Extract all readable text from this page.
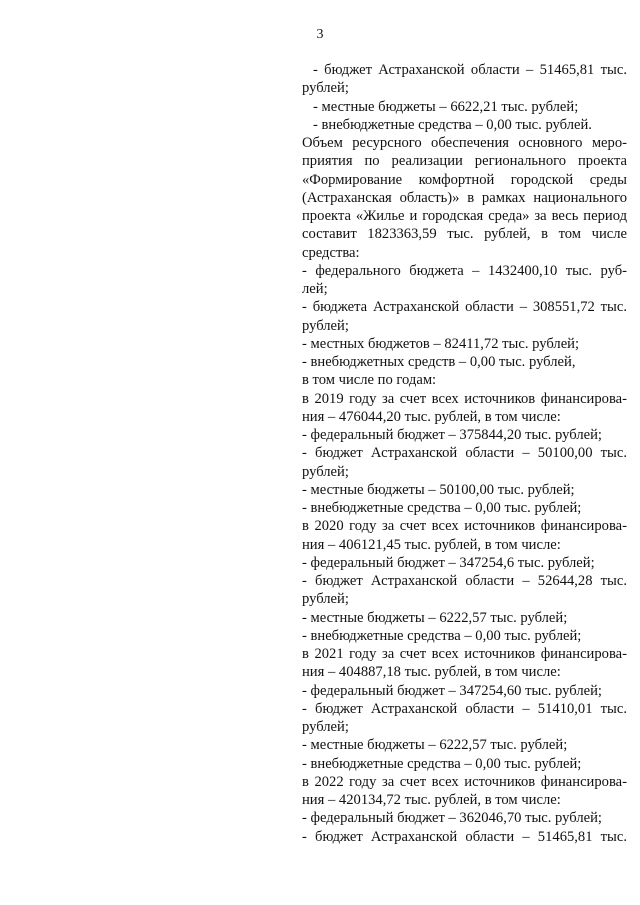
3
- бюджет Астраханской области – 51465,81 тыс.
рублей;
- местные бюджеты – 6622,21 тыс. рублей;
- внебюджетные средства – 0,00 тыс. рублей.
Объем ресурсного обеспечения основного меро-
приятия по реализации регионального проекта
«Формирование комфортной городской среды
(Астраханская область)» в рамках национального
проекта «Жилье и городская среда» за весь период
составит 1823363,59 тыс. рублей, в том числе
средства:
- федерального бюджета – 1432400,10 тыс. руб-
лей;
- бюджета Астраханской области – 308551,72 тыс.
рублей;
- местных бюджетов – 82411,72 тыс. рублей;
- внебюджетных средств – 0,00 тыс. рублей,
в том числе по годам:
в 2019 году за счет всех источников финансирова-
ния – 476044,20 тыс. рублей, в том числе:
- федеральный бюджет – 375844,20 тыс. рублей;
- бюджет Астраханской области – 50100,00 тыс.
рублей;
- местные бюджеты – 50100,00 тыс. рублей;
- внебюджетные средства – 0,00 тыс. рублей;
в 2020 году за счет всех источников финансирова-
ния – 406121,45 тыс. рублей, в том числе:
- федеральный бюджет – 347254,6 тыс. рублей;
- бюджет Астраханской области – 52644,28 тыс.
рублей;
- местные бюджеты – 6222,57 тыс. рублей;
- внебюджетные средства – 0,00 тыс. рублей;
в 2021 году за счет всех источников финансирова-
ния – 404887,18 тыс. рублей, в том числе:
- федеральный бюджет – 347254,60 тыс. рублей;
- бюджет Астраханской области – 51410,01 тыс.
рублей;
- местные бюджеты – 6222,57 тыс. рублей;
- внебюджетные средства – 0,00 тыс. рублей;
в 2022 году за счет всех источников финансирова-
ния – 420134,72 тыс. рублей, в том числе:
- федеральный бюджет – 362046,70 тыс. рублей;
- бюджет Астраханской области – 51465,81 тыс.
